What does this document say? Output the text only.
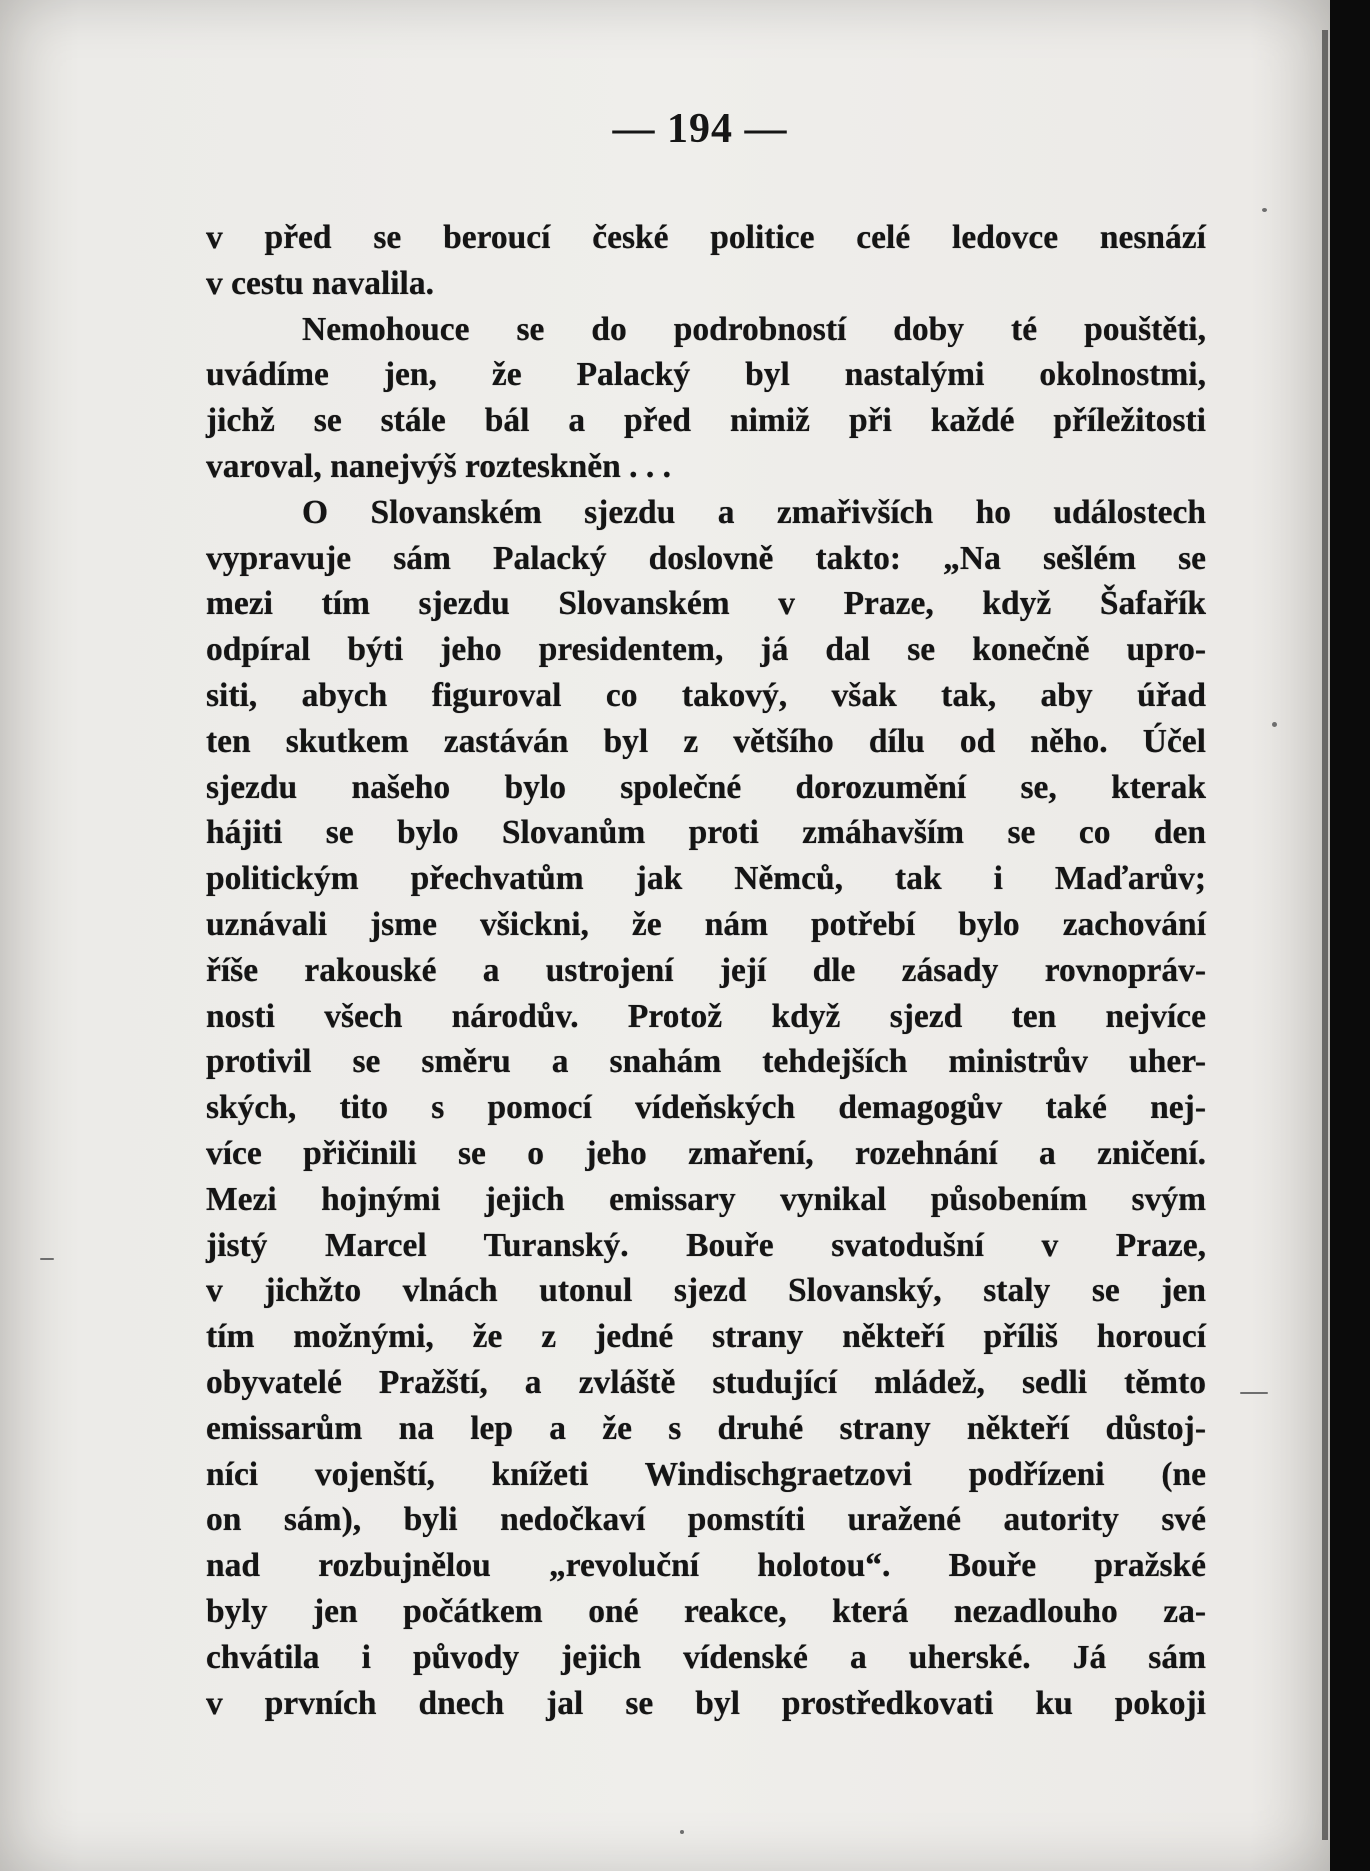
— 194 —
v před se beroucí české politice celé ledovce nesnází
v cestu navalila.
Nemohouce se do podrobností doby té pouštěti,
uvádíme jen, že Palacký byl nastalými okolnostmi,
jichž se stále bál a před nimiž při každé příležitosti
varoval, nanejvýš rozteskněn . . .
O Slovanském sjezdu a zmařivších ho událostech
vypravuje sám Palacký doslovně takto: „Na sešlém se
mezi tím sjezdu Slovanském v Praze, když Šafařík
odpíral býti jeho presidentem, já dal se konečně upro-
siti, abych figuroval co takový, však tak, aby úřad
ten skutkem zastáván byl z většího dílu od něho. Účel
sjezdu našeho bylo společné dorozumění se, kterak
hájiti se bylo Slovanům proti zmáhavším se co den
politickým přechvatům jak Němců, tak i Maďarův;
uznávali jsme všickni, že nám potřebí bylo zachování
říše rakouské a ustrojení její dle zásady rovnopráv-
nosti všech národův. Protož když sjezd ten nejvíce
protivil se směru a snahám tehdejších ministrův uher-
ských, tito s pomocí vídeňských demagogův také nej-
více přičinili se o jeho zmaření, rozehnání a zničení.
Mezi hojnými jejich emissary vynikal působením svým
jistý Marcel Turanský. Bouře svatodušní v Praze,
v jichžto vlnách utonul sjezd Slovanský, staly se jen
tím možnými, že z jedné strany někteří příliš horoucí
obyvatelé Pražští, a zvláště studující mládež, sedli těmto
emissarům na lep a že s druhé strany někteří důstoj-
níci vojenští, knížeti Windischgraetzovi podřízeni (ne
on sám), byli nedočkaví pomstíti uražené autority své
nad rozbujnělou „revoluční holotou“. Bouře pražské
byly jen počátkem oné reakce, která nezadlouho za-
chvátila i původy jejich vídenské a uherské. Já sám
v prvních dnech jal se byl prostředkovati ku pokoji
